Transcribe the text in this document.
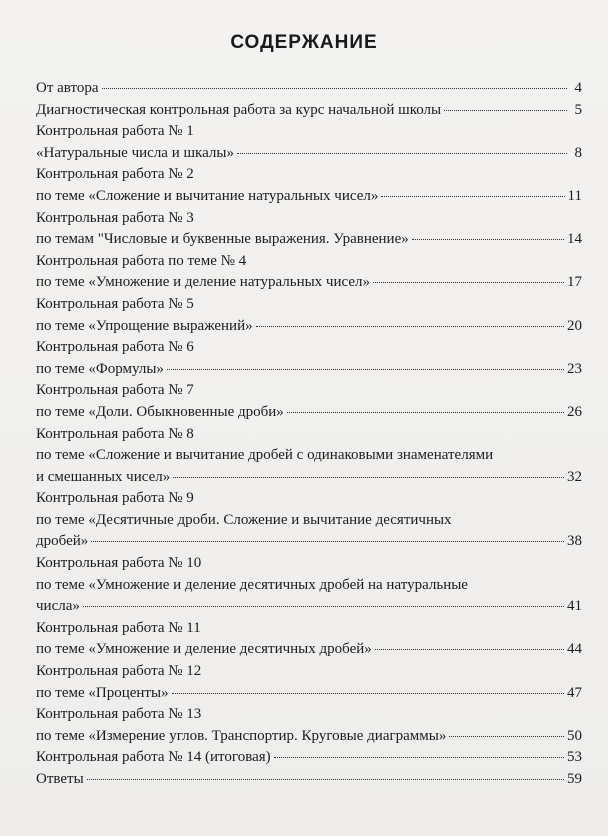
СОДЕРЖАНИЕ
От автора	4
Диагностическая контрольная работа за курс начальной школы	5
Контрольная работа № 1
«Натуральные числа и шкалы»	8
Контрольная работа № 2
по теме «Сложение и вычитание натуральных чисел»	11
Контрольная работа № 3
по темам "Числовые и буквенные выражения. Уравнение»	14
Контрольная работа по теме № 4
по теме «Умножение и деление натуральных чисел»	17
Контрольная работа № 5
по теме «Упрощение выражений»	20
Контрольная работа № 6
по теме «Формулы»	23
Контрольная работа № 7
по теме «Доли. Обыкновенные дроби»	26
Контрольная работа № 8
по теме «Сложение и вычитание дробей с одинаковыми знаменателями
и смешанных чисел»	32
Контрольная работа № 9
по теме «Десятичные дроби. Сложение и вычитание десятичных
дробей»	38
Контрольная работа № 10
по теме «Умножение и деление десятичных дробей на натуральные
числа»	41
Контрольная работа № 11
по теме «Умножение и деление десятичных дробей»	44
Контрольная работа № 12
по теме «Проценты»	47
Контрольная работа № 13
по теме «Измерение углов. Транспортир. Круговые диаграммы»	50
Контрольная работа № 14 (итоговая)	53
Ответы	59
